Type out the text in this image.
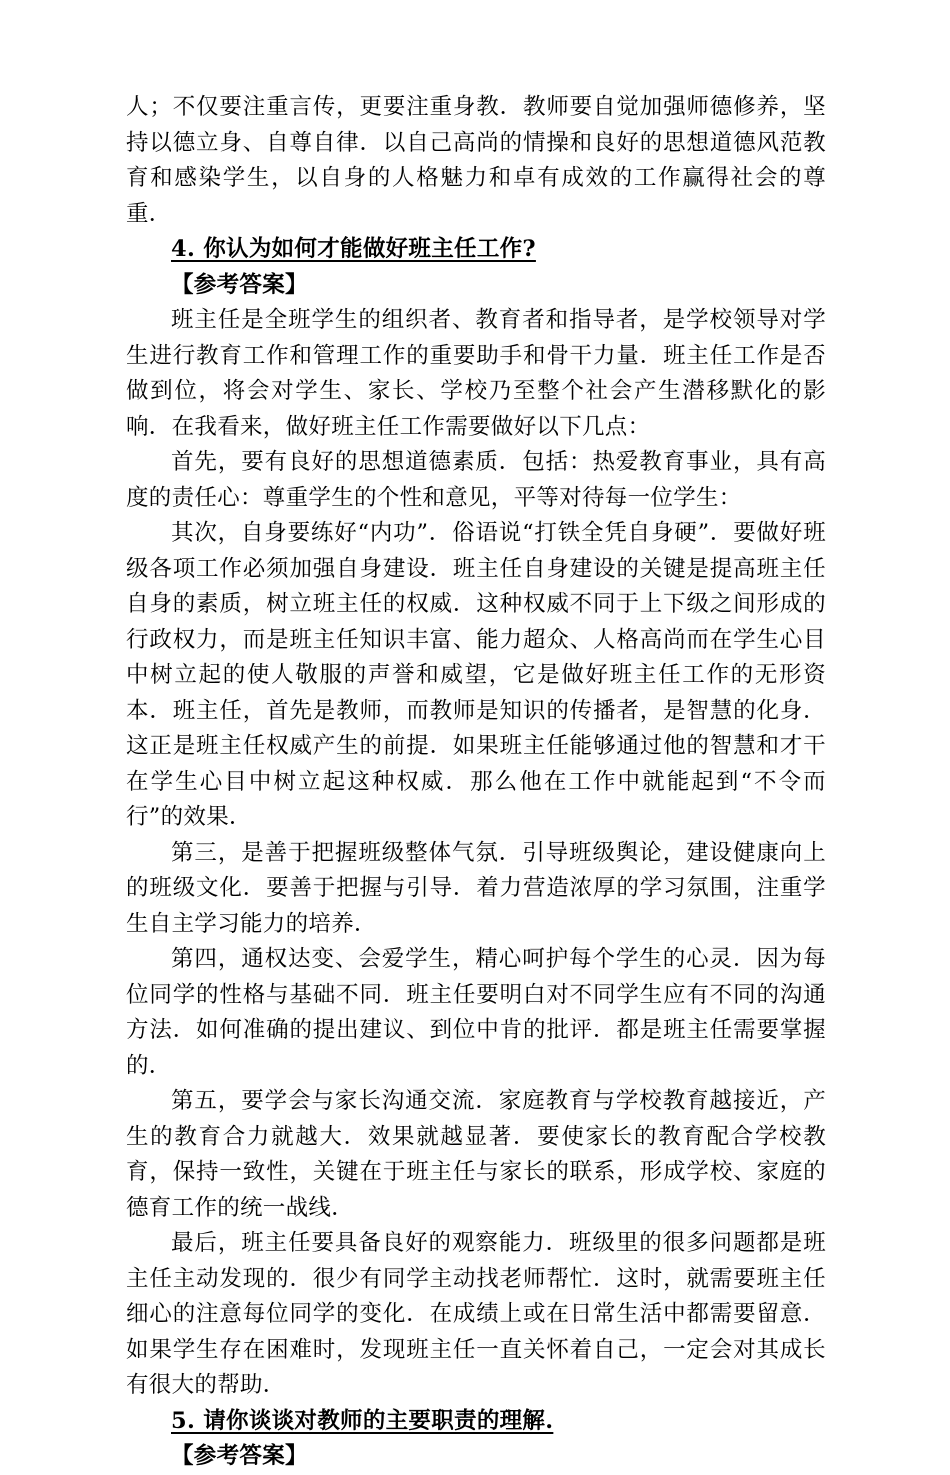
人；不仅要注重言传，更要注重身教．教师要自觉加强师德修养，坚持以德立身、自尊自律．以自己高尚的情操和良好的思想道德风范教育和感染学生，以自身的人格魅力和卓有成效的工作赢得社会的尊重．

4. 你认为如何才能做好班主任工作?

【参考答案】

班主任是全班学生的组织者、教育者和指导者，是学校领导对学生进行教育工作和管理工作的重要助手和骨干力量．班主任工作是否做到位，将会对学生、家长、学校乃至整个社会产生潜移默化的影响．在我看来，做好班主任工作需要做好以下几点：

首先，要有良好的思想道德素质．包括：热爱教育事业，具有高度的责任心：尊重学生的个性和意见，平等对待每一位学生：

其次，自身要练好“内功”．俗语说“打铁全凭自身硬”．要做好班级各项工作必须加强自身建设．班主任自身建设的关键是提高班主任自身的素质，树立班主任的权威．这种权威不同于上下级之间形成的行政权力，而是班主任知识丰富、能力超众、人格高尚而在学生心目中树立起的使人敬服的声誉和威望，它是做好班主任工作的无形资本．班主任，首先是教师，而教师是知识的传播者，是智慧的化身．这正是班主任权威产生的前提．如果班主任能够通过他的智慧和才干在学生心目中树立起这种权威．那么他在工作中就能起到“不令而行”的效果．

第三，是善于把握班级整体气氛．引导班级舆论，建设健康向上的班级文化．要善于把握与引导．着力营造浓厚的学习氛围，注重学生自主学习能力的培养．

第四，通权达变、会爱学生，精心呵护每个学生的心灵．因为每位同学的性格与基础不同．班主任要明白对不同学生应有不同的沟通方法．如何准确的提出建议、到位中肯的批评．都是班主任需要掌握的．

第五，要学会与家长沟通交流．家庭教育与学校教育越接近，产生的教育合力就越大．效果就越显著．要使家长的教育配合学校教育，保持一致性，关键在于班主任与家长的联系，形成学校、家庭的德育工作的统一战线．

最后，班主任要具备良好的观察能力．班级里的很多问题都是班主任主动发现的．很少有同学主动找老师帮忙．这时，就需要班主任细心的注意每位同学的变化．在成绩上或在日常生活中都需要留意．如果学生存在困难时，发现班主任一直关怀着自己，一定会对其成长有很大的帮助．

5. 请你谈谈对教师的主要职责的理解.

【参考答案】
